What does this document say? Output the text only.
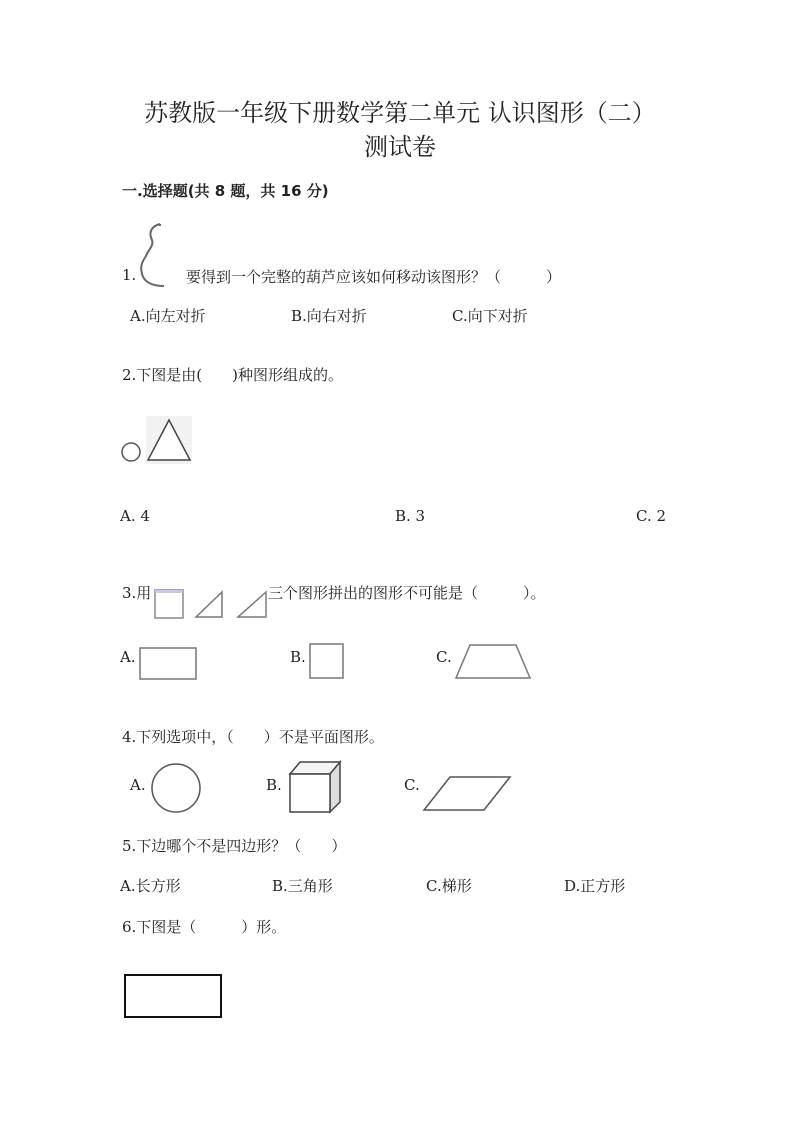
苏教版一年级下册数学第二单元 认识图形（二）
测试卷
一.选择题(共 8 题，共 16 分)
1.	要得到一个完整的葫芦应该如何移动该图形？（　　　）
A.向左对折	B.向右对折	C.向下对折
2.下图是由(　　)种图形组成的。
A. 4	B. 3	C. 2
3.用	三个图形拼出的图形不可能是（　　　）。
A.	B.	C.
4.下列选项中，（　　）不是平面图形。
A.	B.	C.
5.下边哪个不是四边形？（　　）
A.长方形	B.三角形	C.梯形	D.正方形
6.下图是（　　　）形。
